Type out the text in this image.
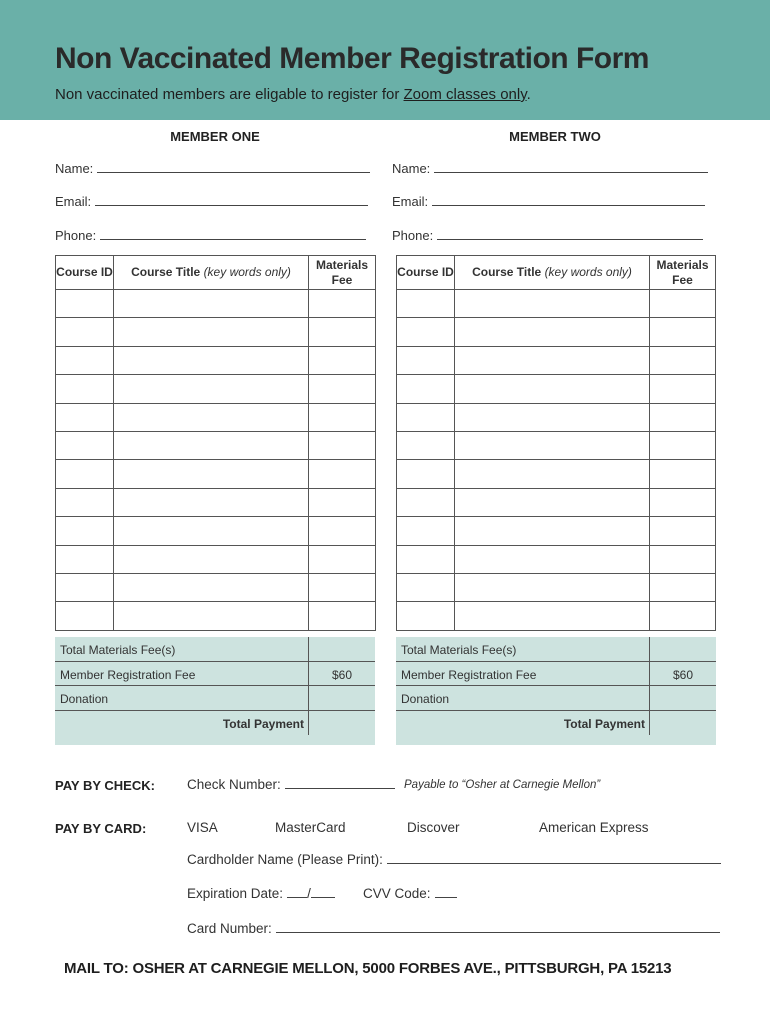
Non Vaccinated Member Registration Form
Non vaccinated members are eligable to register for Zoom classes only.
MEMBER ONE
Name:
Email:
Phone:
Course ID	Course Title (key words only)	Materials Fee

Total Materials Fee(s)
Member Registration Fee	$60
Donation
Total Payment
MEMBER TWO
Name:
Email:
Phone:
Course ID	Course Title (key words only)	Materials Fee

Total Materials Fee(s)
Member Registration Fee	$60
Donation
Total Payment
PAY BY CHECK: Check Number:	Payable to “Osher at Carnegie Mellon”
PAY BY CARD:	VISA	MasterCard	Discover	American Express
Cardholder Name (Please Print):
Expiration Date: /	CVV Code:
Card Number:
MAIL TO: OSHER AT CARNEGIE MELLON, 5000 FORBES AVE., PITTSBURGH, PA 15213
